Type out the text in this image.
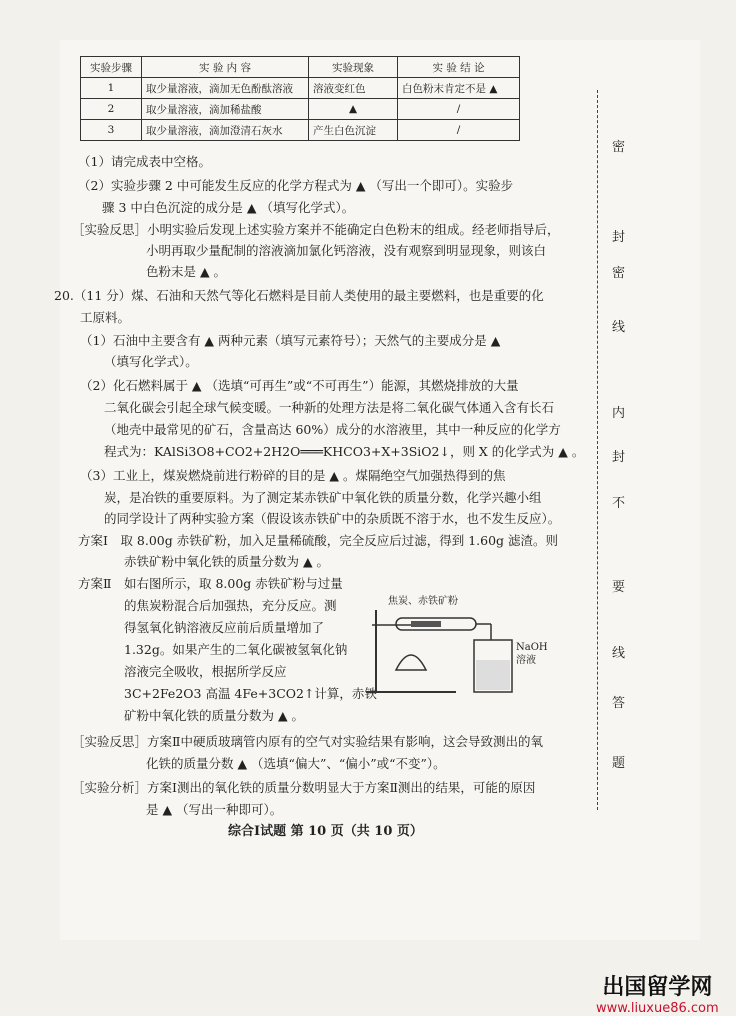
实验步骤	实 验 内 容	实验现象	实 验 结 论
1	取少量溶液，滴加无色酚酞溶液	溶液变红色	白色粉末肯定不是 ▲
2	取少量溶液，滴加稀盐酸	▲	/
3	取少量溶液，滴加澄清石灰水	产生白色沉淀	/
（1）请完成表中空格。
（2）实验步骤 2 中可能发生反应的化学方程式为 ▲ （写出一个即可）。实验步
骤 3 中白色沉淀的成分是 ▲ （填写化学式）。
［实验反思］小明实验后发现上述实验方案并不能确定白色粉末的组成。经老师指导后，
小明再取少量配制的溶液滴加氯化钙溶液，没有观察到明显现象，则该白
色粉末是 ▲ 。
20.（11 分）煤、石油和天然气等化石燃料是目前人类使用的最主要燃料，也是重要的化
工原料。
（1）石油中主要含有 ▲ 两种元素（填写元素符号）；天然气的主要成分是 ▲
（填写化学式）。
（2）化石燃料属于 ▲ （选填“可再生”或“不可再生”）能源，其燃烧排放的大量
二氧化碳会引起全球气候变暖。一种新的处理方法是将二氧化碳气体通入含有长石
（地壳中最常见的矿石，含量高达 60%）成分的水溶液里，其中一种反应的化学方
程式为：KAlSi3O8+CO2+2H2O═══KHCO3+X+3SiO2↓，则 X 的化学式为 ▲ 。
（3）工业上，煤炭燃烧前进行粉碎的目的是 ▲ 。煤隔绝空气加强热得到的焦
炭，是冶铁的重要原料。为了测定某赤铁矿中氧化铁的质量分数，化学兴趣小组
的同学设计了两种实验方案（假设该赤铁矿中的杂质既不溶于水，也不发生反应）。
方案Ⅰ　取 8.00g 赤铁矿粉，加入足量稀硫酸，完全反应后过滤，得到 1.60g 滤渣。则
赤铁矿粉中氧化铁的质量分数为 ▲ 。
方案Ⅱ　如右图所示，取 8.00g 赤铁矿粉与过量
的焦炭粉混合后加强热，充分反应。测
得氢氧化钠溶液反应前后质量增加了
1.32g。如果产生的二氧化碳被氢氧化钠
溶液完全吸收，根据所学反应
3C+2Fe2O3 高温 4Fe+3CO2↑计算，赤铁
矿粉中氧化铁的质量分数为 ▲ 。
［实验反思］方案Ⅱ中硬质玻璃管内原有的空气对实验结果有影响，这会导致测出的氧
化铁的质量分数 ▲ （选填“偏大”、“偏小”或“不变”）。
［实验分析］方案Ⅰ测出的氧化铁的质量分数明显大于方案Ⅱ测出的结果，可能的原因
是 ▲ （写出一种即可）。
焦炭、赤铁矿粉
NaOH
溶液
密
封
密
线
内
封
不
要
线
答
题
综合Ⅰ试题 第 10 页（共 10 页）
出国留学网
www.liuxue86.com
